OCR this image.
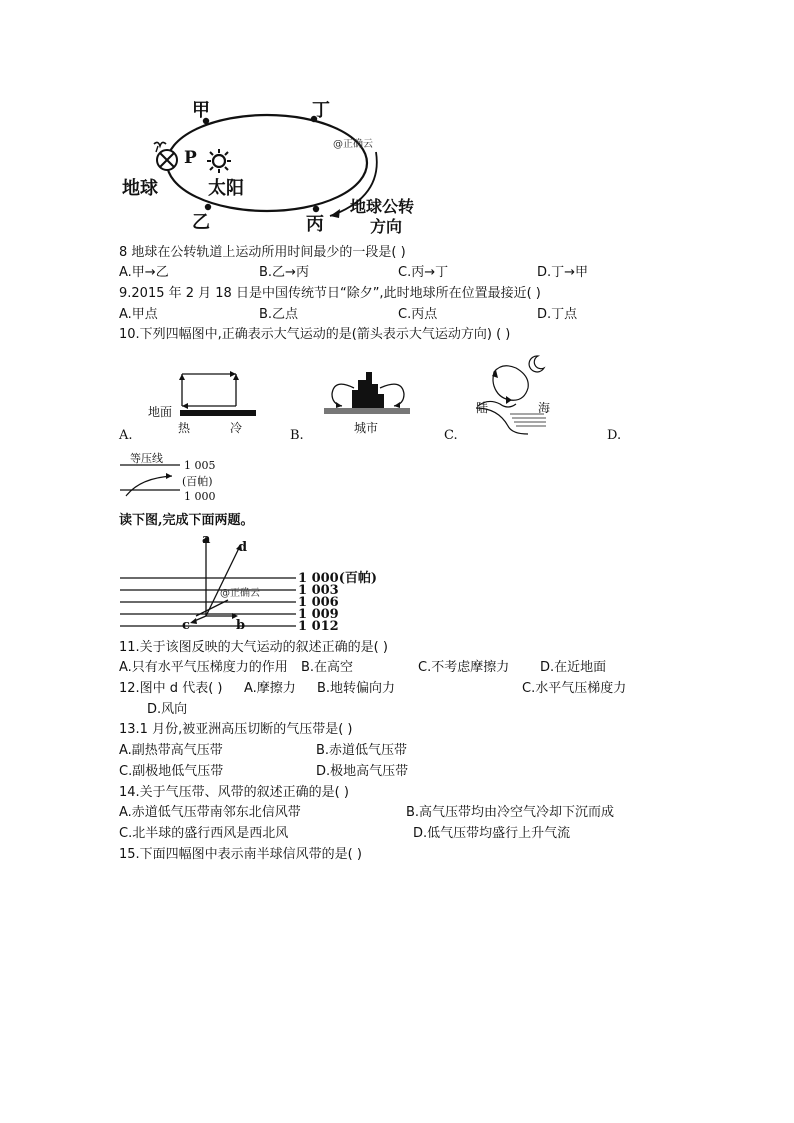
甲	丁
P
地球	太阳
乙	丙
@正确云
地球公转
方向
8 地球在公转轨道上运动所用时间最少的一段是( )
A.甲→乙	B.乙→丙	C.丙→丁	D.丁→甲
9.2015 年 2 月 18 日是中国传统节日“除夕”,此时地球所在位置最接近( )
A.甲点	B.乙点	C.丙点	D.丁点
10.下列四幅图中,正确表示大气运动的是(箭头表示大气运动方向) ( )
地面
热	冷
A.	城市
B.
陆	海
C.	D.
等压线
1 005
(百帕)
1 000
读下图,完成下面两题。
a
d
c	b
@正确云
1 000(百帕)
1 003
1 006
1 009
1 012
11.关于该图反映的大气运动的叙述正确的是( )
A.只有水平气压梯度力的作用 B.在高空	C.不考虑摩擦力 D.在近地面
12.图中 d 代表( ) A.摩擦力 B.地转偏向力	C.水平气压梯度力
D.风向
13.1 月份,被亚洲高压切断的气压带是( )
A.副热带高气压带	B.赤道低气压带
C.副极地低气压带	D.极地高气压带
14.关于气压带、风带的叙述正确的是( )
A.赤道低气压带南邻东北信风带	B.高气压带均由冷空气冷却下沉而成
C.北半球的盛行西风是西北风	D.低气压带均盛行上升气流
15.下面四幅图中表示南半球信风带的是( )
